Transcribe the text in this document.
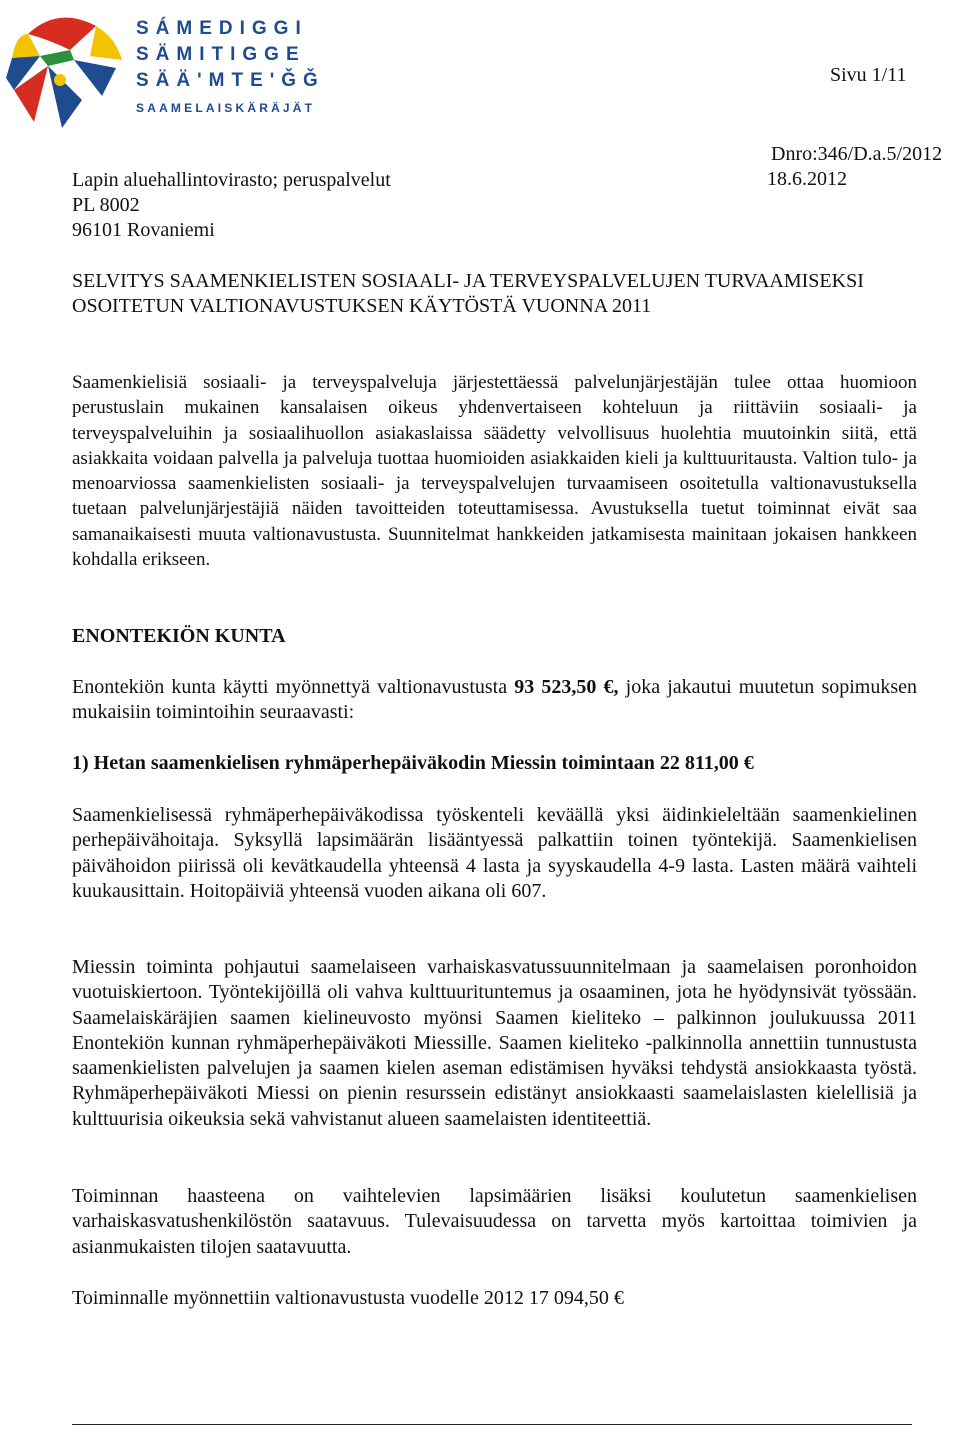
SÁMEDIGGI
SÄMITIGGE
SÄÄʹMTEʹǦǦ
SAAMELAISKÄRÄJÄT
Sivu 1/11
Dnro:346/D.a.5/2012
18.6.2012
Lapin aluehallintovirasto; peruspalvelut
PL 8002
96101 Rovaniemi
SELVITYS SAAMENKIELISTEN SOSIAALI- JA TERVEYSPALVELUJEN TURVAAMISEKSI OSOITETUN VALTIONAVUSTUKSEN KÄYTÖSTÄ VUONNA 2011
Saamenkielisiä sosiaali- ja terveyspalveluja järjestettäessä palvelunjärjestäjän tulee ottaa huomioon perustuslain mukainen kansalaisen oikeus yhdenvertaiseen kohteluun ja riittäviin sosiaali- ja terveyspalveluihin ja sosiaalihuollon asiakaslaissa säädetty velvollisuus huolehtia muutoinkin siitä, että asiakkaita voidaan palvella ja palveluja tuottaa huomioiden asiakkaiden kieli ja kulttuuritausta. Valtion tulo- ja menoarviossa saamenkielisten sosiaali- ja terveyspalvelujen turvaamiseen osoitetulla valtionavustuksella tuetaan palvelunjärjestäjiä näiden tavoitteiden toteuttamisessa. Avustuksella tuetut toiminnat eivät saa samanaikaisesti muuta valtionavustusta. Suunnitelmat hankkeiden jatkamisesta mainitaan jokaisen hankkeen kohdalla erikseen.
ENONTEKIÖN KUNTA
Enontekiön kunta käytti myönnettyä valtionavustusta 93 523,50 €, joka jakautui muutetun sopimuksen mukaisiin toimintoihin seuraavasti:
1) Hetan saamenkielisen ryhmäperhepäiväkodin Miessin toimintaan 22 811,00 €
Saamenkielisessä ryhmäperhepäiväkodissa työskenteli keväällä yksi äidinkieleltään saamenkielinen perhepäivähoitaja. Syksyllä lapsimäärän lisääntyessä palkattiin toinen työntekijä. Saamenkielisen päivähoidon piirissä oli kevätkaudella yhteensä 4 lasta ja syyskaudella 4-9 lasta. Lasten määrä vaihteli kuukausittain. Hoitopäiviä yhteensä vuoden aikana oli 607.
Miessin toiminta pohjautui saamelaiseen varhaiskasvatussuunnitelmaan ja saamelaisen poronhoidon vuotuiskiertoon. Työntekijöillä oli vahva kulttuurituntemus ja osaaminen, jota he hyödynsivät työssään. Saamelaiskäräjien saamen kielineuvosto myönsi Saamen kieliteko – palkinnon joulukuussa 2011 Enontekiön kunnan ryhmäperhepäiväkoti Miessille. Saamen kieliteko -palkinnolla annettiin tunnustusta saamenkielisten palvelujen ja saamen kielen aseman edistämisen hyväksi tehdystä ansiokkaasta työstä. Ryhmäperhepäiväkoti Miessi on pienin resurssein edistänyt ansiokkaasti saamelaislasten kielellisiä ja kulttuurisia oikeuksia sekä vahvistanut alueen saamelaisten identiteettiä.
Toiminnan haasteena on vaihtelevien lapsimäärien lisäksi koulutetun saamenkielisen varhaiskasvatushenkilöstön saatavuus. Tulevaisuudessa on tarvetta myös kartoittaa toimivien ja asianmukaisten tilojen saatavuutta.
Toiminnalle myönnettiin valtionavustusta vuodelle 2012 17 094,50 €
